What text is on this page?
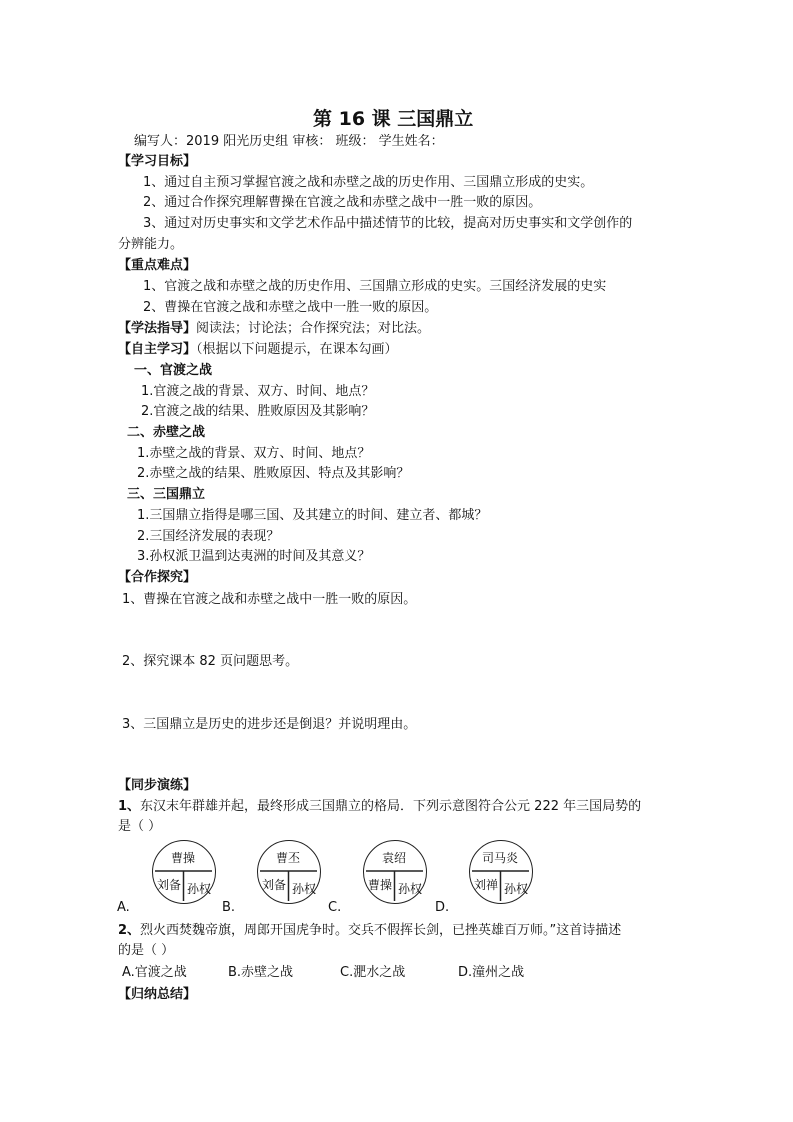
第 16 课 三国鼎立
编写人：2019 阳光历史组 审核： 班级： 学生姓名：
【学习目标】
1、通过自主预习掌握官渡之战和赤壁之战的历史作用、三国鼎立形成的史实。
2、通过合作探究理解曹操在官渡之战和赤壁之战中一胜一败的原因。
3、通过对历史事实和文学艺术作品中描述情节的比较，提高对历史事实和文学创作的
分辨能力。
【重点难点】
1、官渡之战和赤壁之战的历史作用、三国鼎立形成的史实。三国经济发展的史实
2、曹操在官渡之战和赤壁之战中一胜一败的原因。
【学法指导】阅读法；讨论法；合作探究法；对比法。
【自主学习】（根据以下问题提示，在课本勾画）
一、官渡之战
1.官渡之战的背景、双方、时间、地点？
2.官渡之战的结果、胜败原因及其影响？
二、赤壁之战
1.赤壁之战的背景、双方、时间、地点？
2.赤壁之战的结果、胜败原因、特点及其影响？
三、三国鼎立
1.三国鼎立指得是哪三国、及其建立的时间、建立者、都城？
2.三国经济发展的表现？
3.孙权派卫温到达夷洲的时间及其意义？
【合作探究】
1、曹操在官渡之战和赤壁之战中一胜一败的原因。
2、探究课本 82 页问题思考。
3、三国鼎立是历史的进步还是倒退？并说明理由。
【同步演练】
1、东汉末年群雄并起，最终形成三国鼎立的格局．下列示意图符合公元 222 年三国局势的
是（ ）
曹操
刘备 孙权
A.
曹丕
刘备 孙权
B.
袁绍
曹操 孙权
C.
司马炎
刘禅 孙权
D.
2、烈火西焚魏帝旗，周郎开国虎争时。交兵不假挥长剑，已挫英雄百万师。”这首诗描述
的是（ ）
A.官渡之战	B.赤壁之战	C.淝水之战	D.潼州之战
【归纳总结】
